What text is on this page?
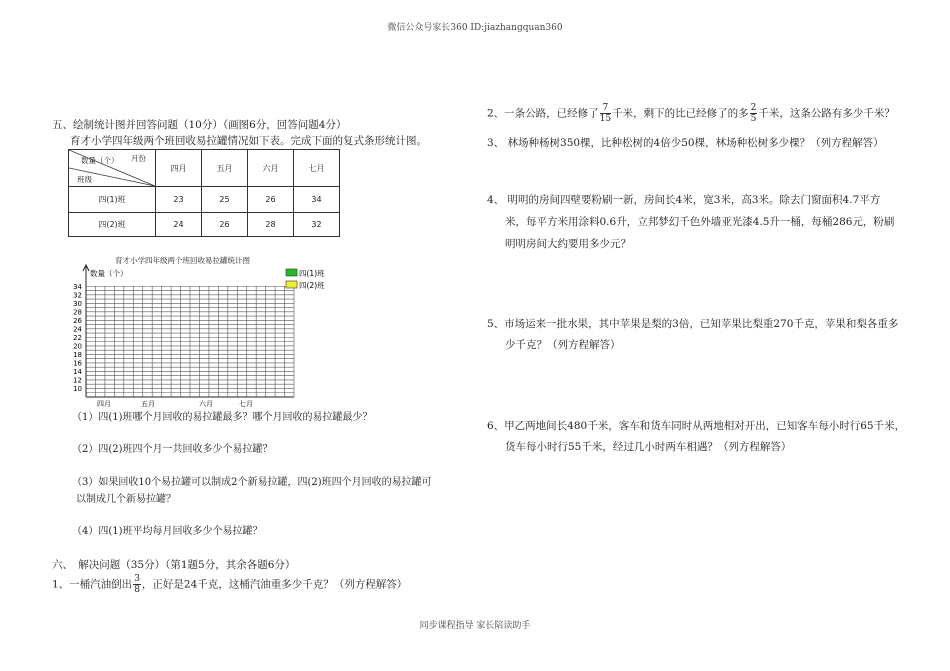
微信公众号家长360 ID:jiazhangquan360
五、绘制统计图并回答问题（10分）（画图6分，回答问题4分）
育才小学四年级两个班回收易拉罐情况如下表。完成下面的复式条形统计图。
数量（个） 月份
班级	四月	五月	六月	七月
四(1)班	23	25	26	34
四(2)班	24	26	28	32
育才小学四年级两个班回收易拉罐统计图
数量（个）
34
32
30
28
26
24
22
20
18
16
14
12
10
四月	五月	六月	七月
四(1)班
四(2)班
（1）四(1)班哪个月回收的易拉罐最多？哪个月回收的易拉罐最少？
（2）四(2)班四个月一共回收多少个易拉罐？
（3）如果回收10个易拉罐可以制成2个新易拉罐，四(2)班四个月回收的易拉罐可
以制成几个新易拉罐？
（4）四(1)班平均每月回收多少个易拉罐？
六、　解决问题（35分）（第1题5分，其余各题6分）
1、一桶汽油倒出 $\frac{3}{8}$ ，正好是24千克，这桶汽油重多少千克？（列方程解答）
2、一条公路，已经修了 $\frac{7}{15}$ 千米，剩下的比已经修了的多 $\frac{2}{5}$ 千米，这条公路有多少千米？
3、 林场种杨树350棵，比种松树的4倍少50棵，林场种松树多少棵？（列方程解答）
4、 明明的房间四壁要粉刷一新，房间长4米，宽3米，高3米。除去门窗面积4.7平方
米，每平方米用涂料0.6升，立邦梦幻千色外墙亚光漆4.5升一桶，每桶286元，粉刷
明明房间大约要用多少元？
5、市场运来一批水果，其中苹果是梨的3倍，已知苹果比梨重270千克，苹果和梨各重多
少千克？（列方程解答）
6、甲乙两地间长480千米，客车和货车同时从两地相对开出，已知客车每小时行65千米，
货车每小时行55千米，经过几小时两车相遇？（列方程解答）
同步课程指导 家长陪读助手
